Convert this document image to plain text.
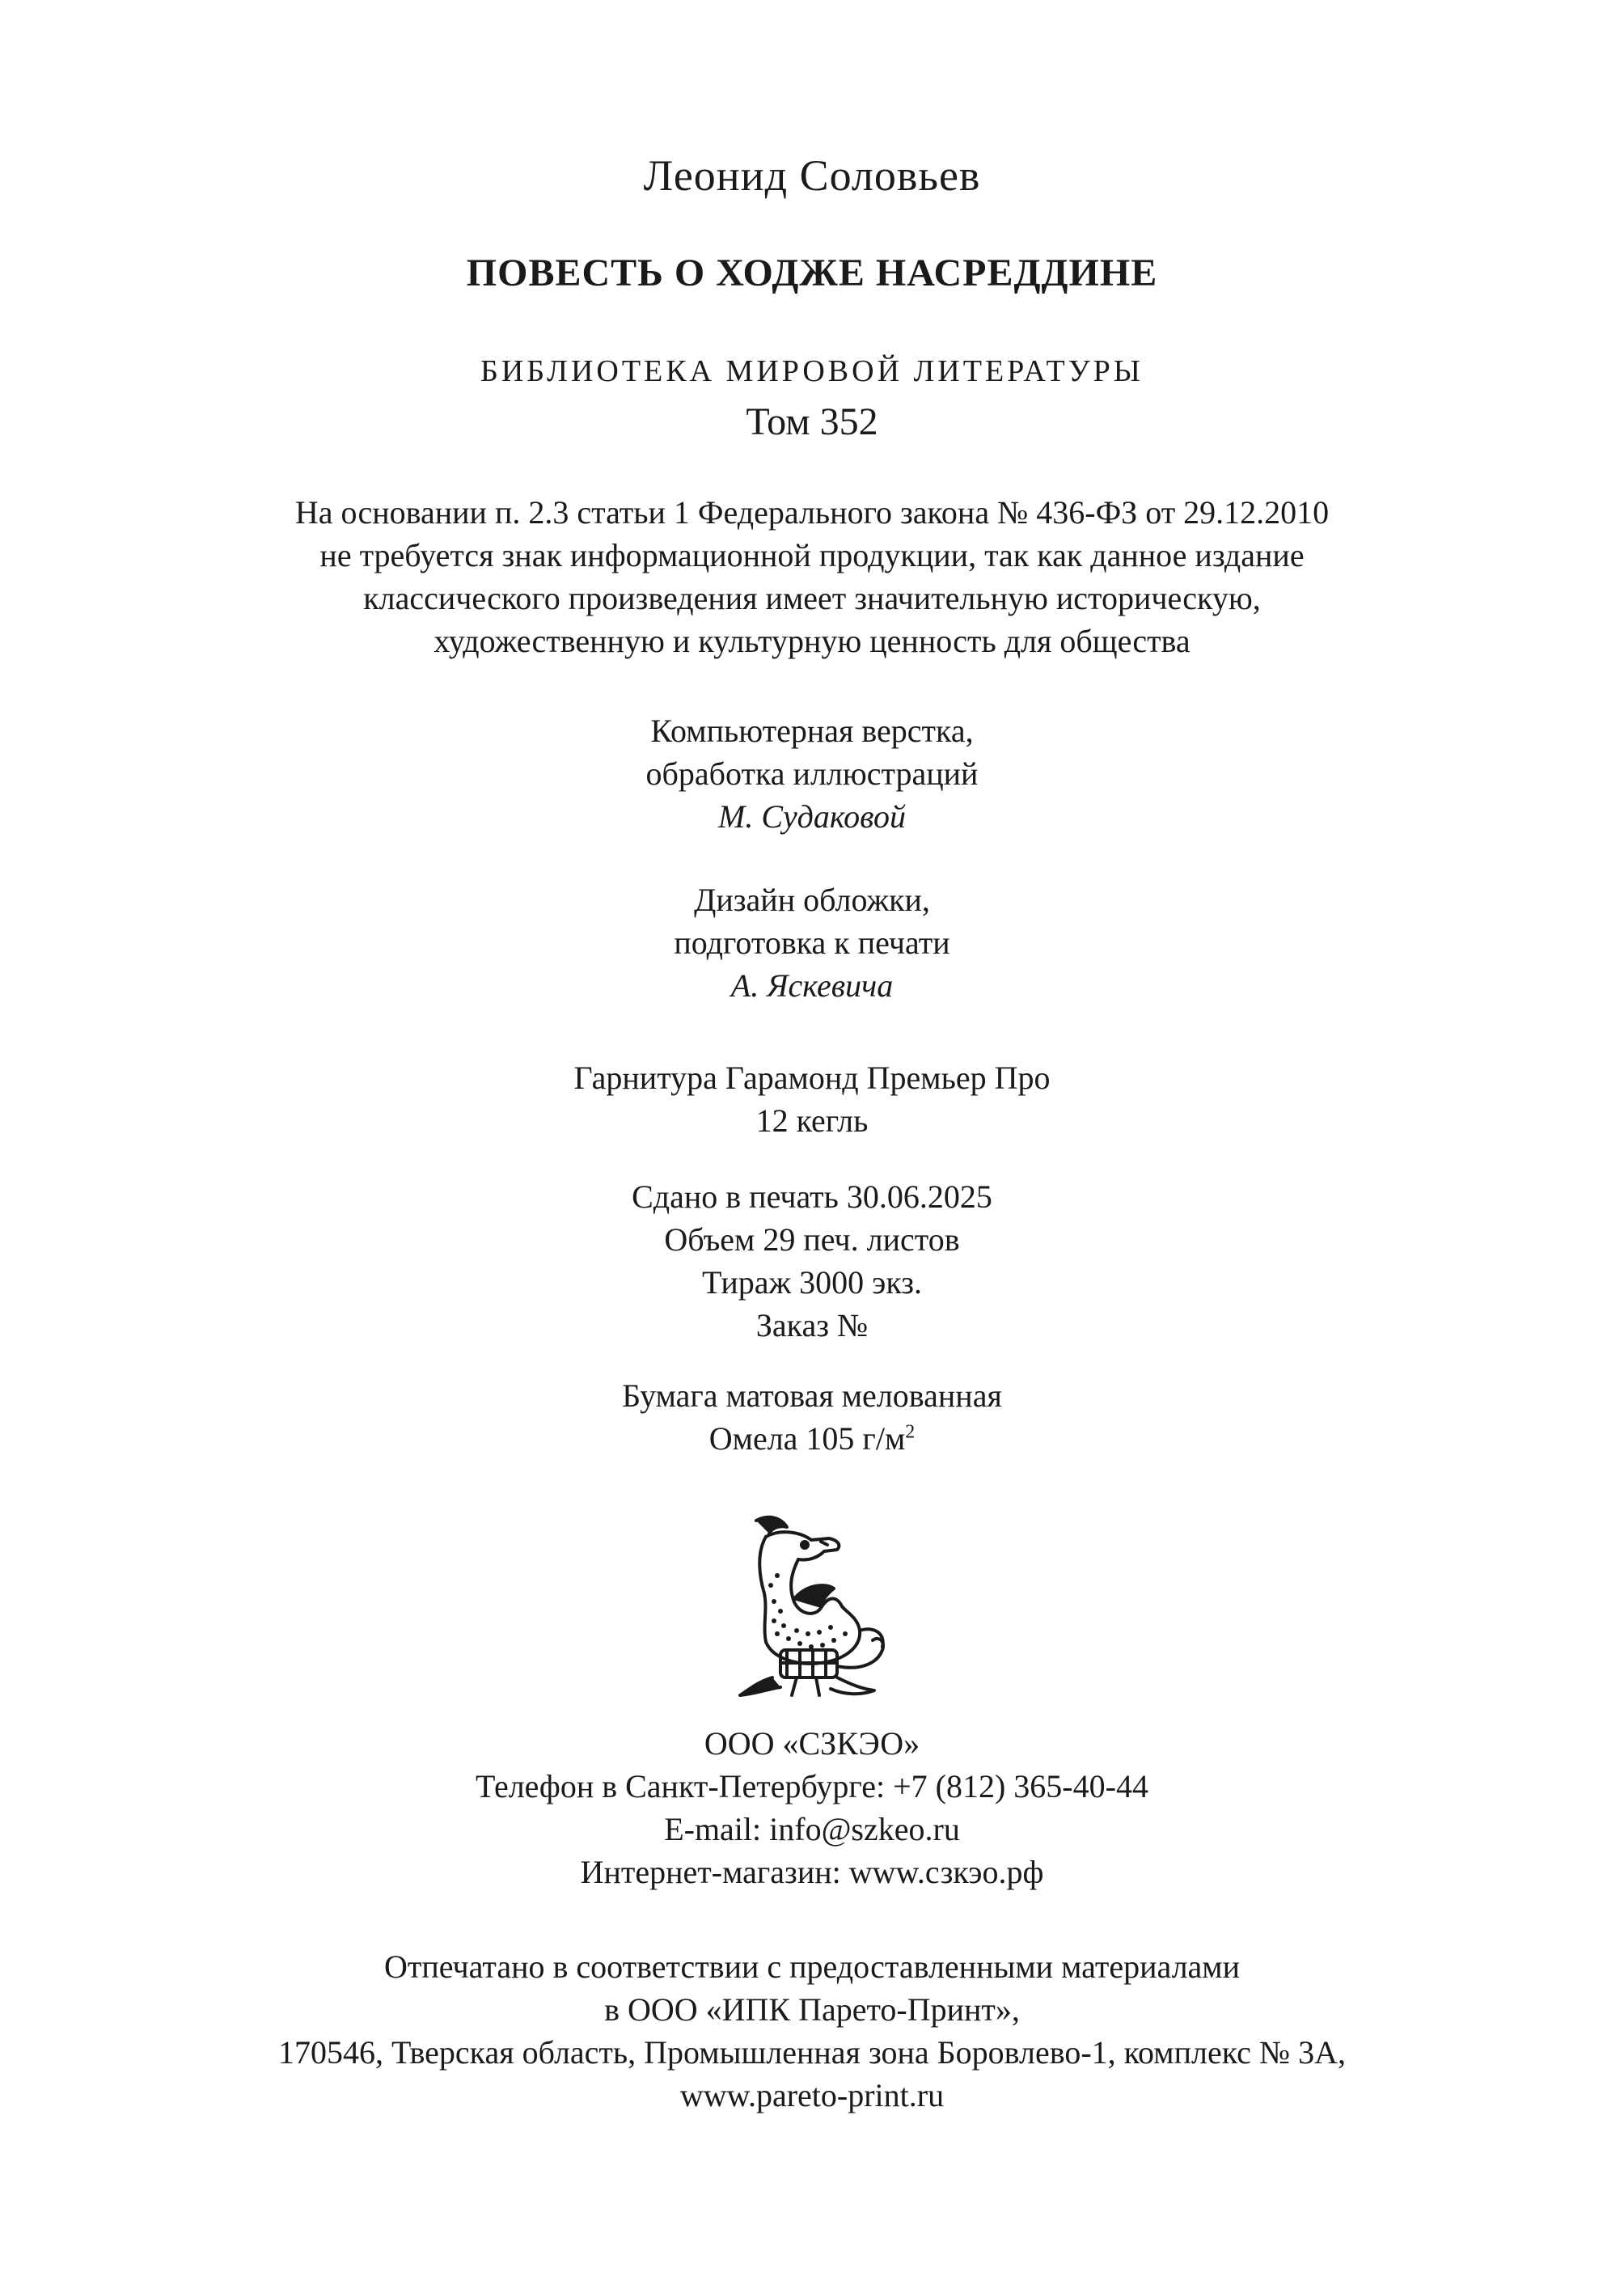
Леонид Соловьев
ПОВЕСТЬ О ХОДЖЕ НАСРЕДДИНЕ
БИБЛИОТЕКА МИРОВОЙ ЛИТЕРАТУРЫ
Том 352
На основании п. 2.3 статьи 1 Федерального закона № 436-ФЗ от 29.12.2010
не требуется знак информационной продукции, так как данное издание
классического произведения имеет значительную историческую,
художественную и культурную ценность для общества
Компьютерная верстка,
обработка иллюстраций
М. Судаковой
Дизайн обложки,
подготовка к печати
А. Яскевича
Гарнитура Гарамонд Премьер Про
12 кегль
Сдано в печать 30.06.2025
Объем 29 печ. листов
Тираж 3000 экз.
Заказ №
Бумага матовая мелованная
Омела 105 $г/м^2$
ООО «СЗКЭО»
Телефон в Санкт-Петербурге: +7 (812) 365-40-44
E-mail: info@szkeo.ru
Интернет-магазин: www.сзкэо.рф
Отпечатано в соответствии с предоставленными материалами
в ООО «ИПК Парето-Принт»,
170546, Тверская область, Промышленная зона Боровлево-1, комплекс № 3А,
www.pareto-print.ru
